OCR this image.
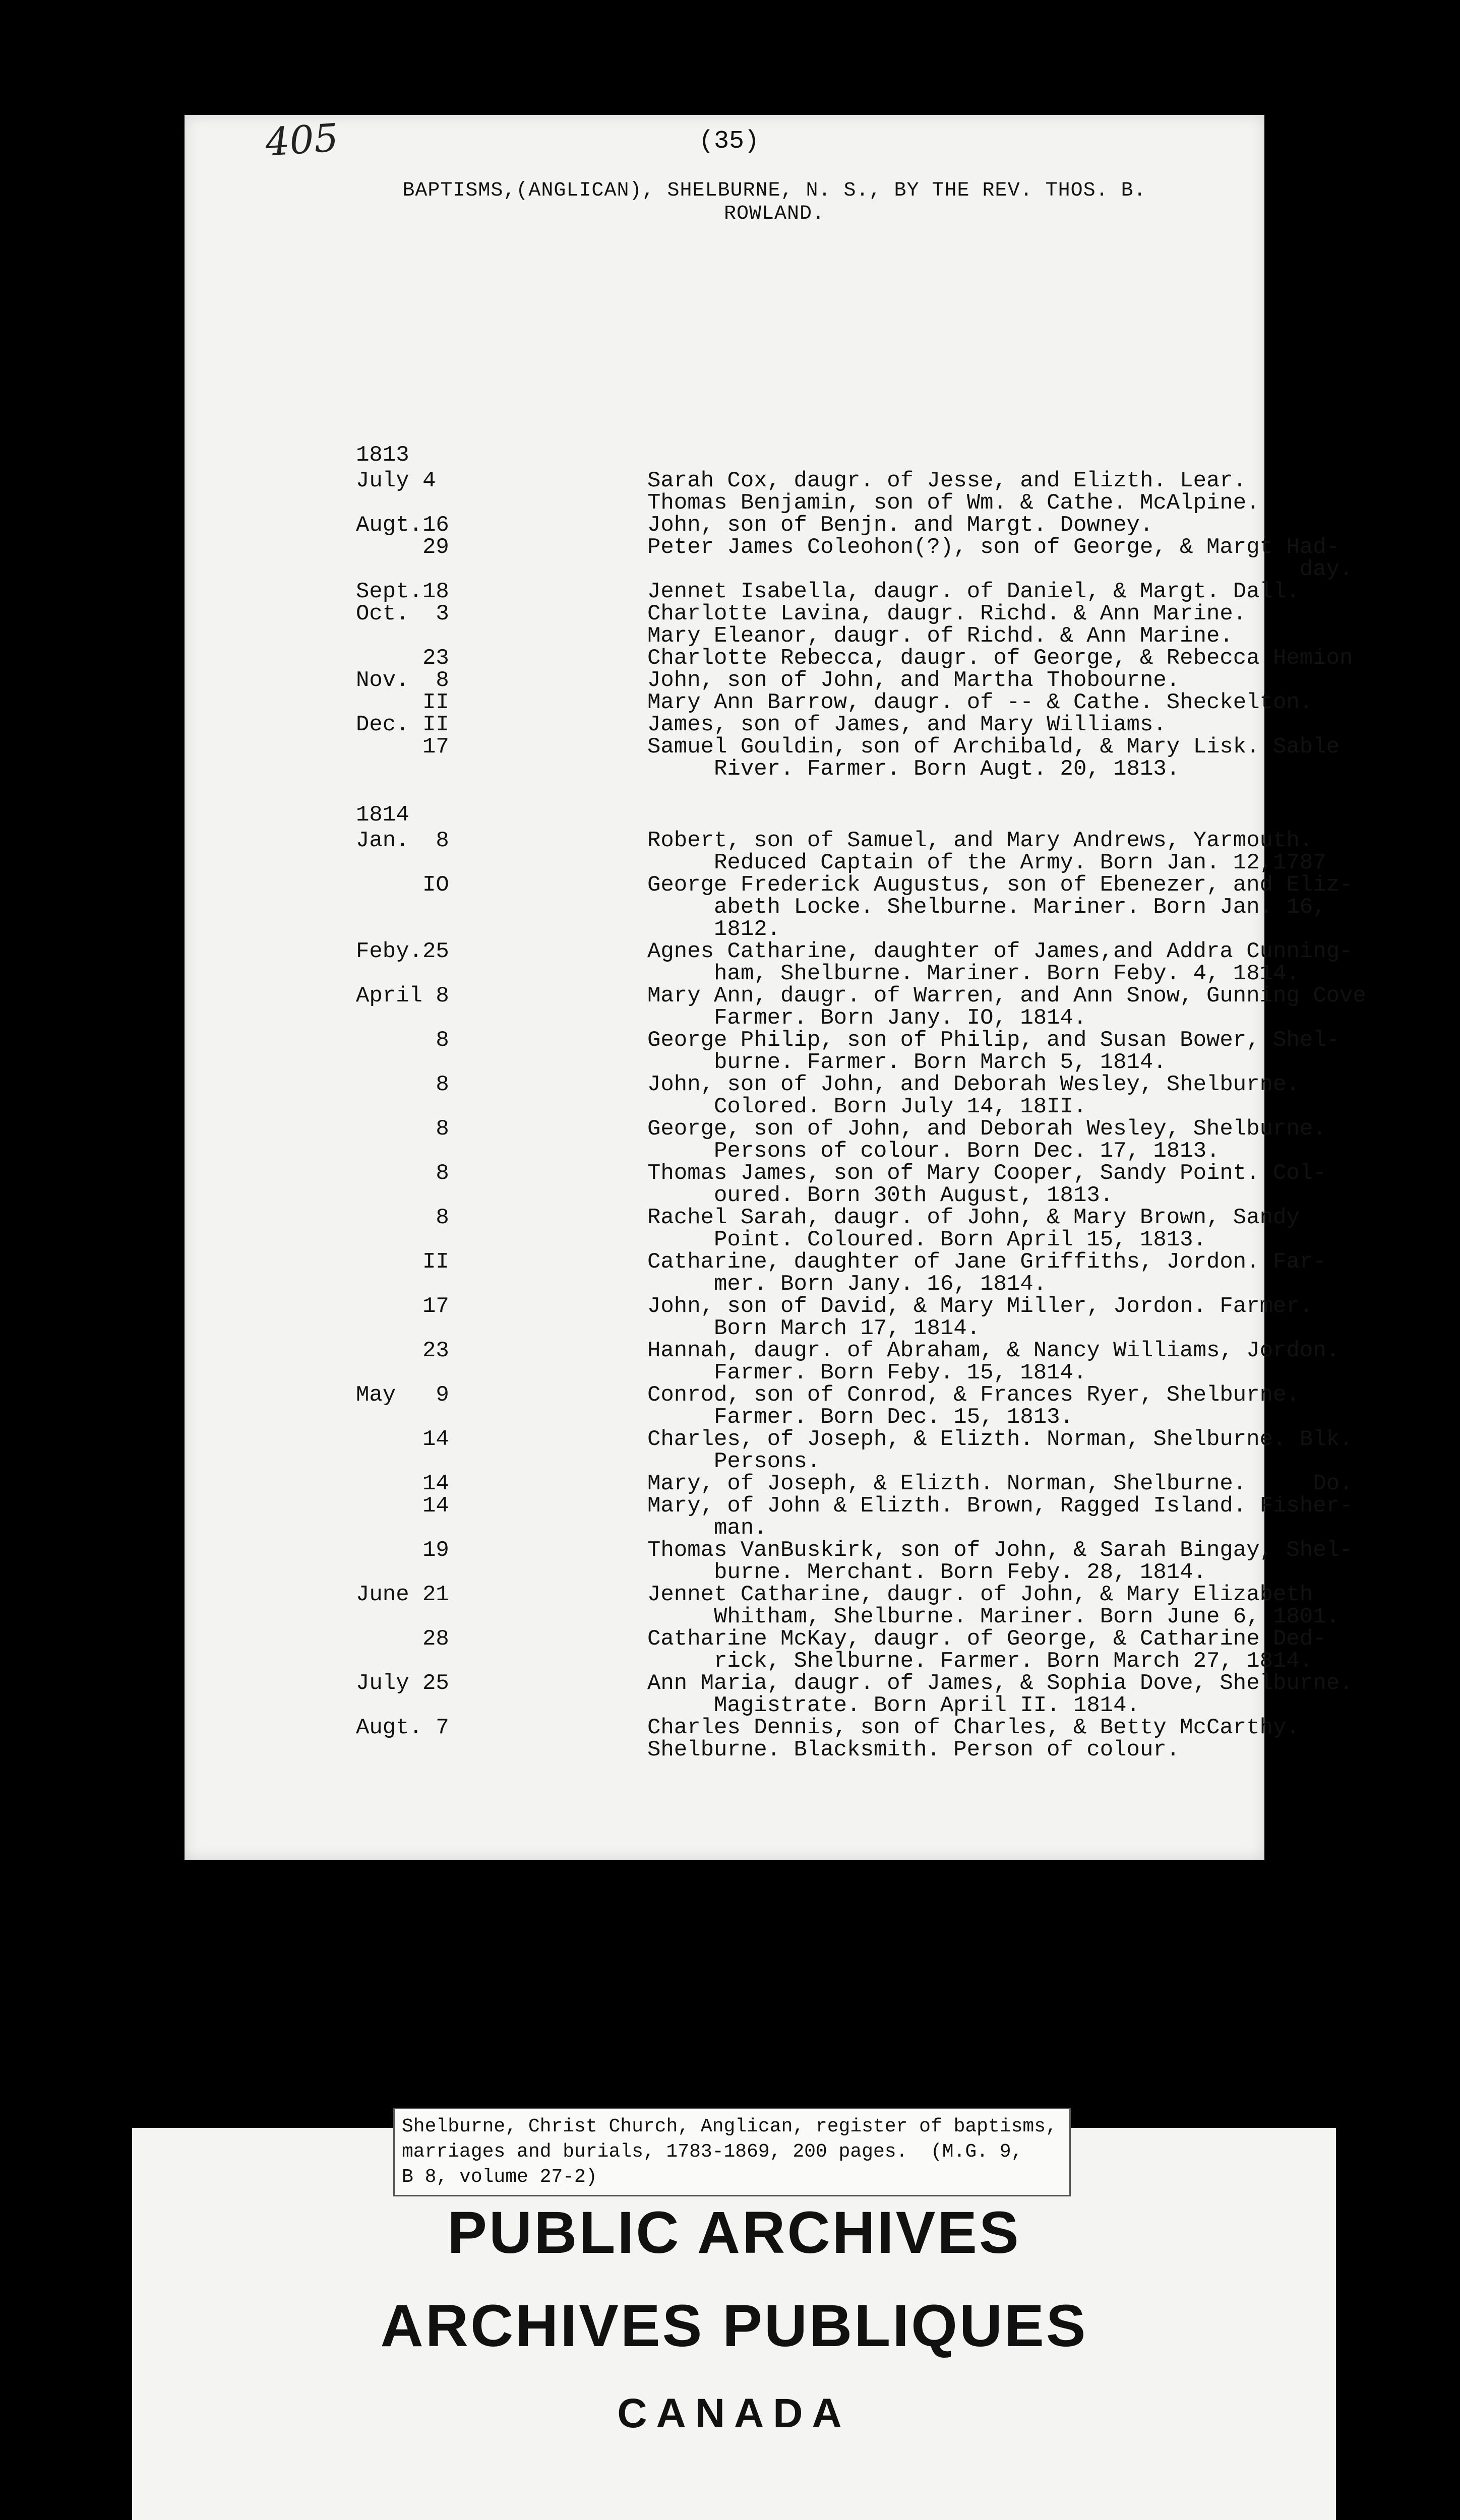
405	(35)
BAPTISMS,(ANGLICAN), SHELBURNE, N. S., BY THE REV. THOS. B.
ROWLAND.
1813
July 4	Sarah Cox, daugr. of Jesse, and Elizth. Lear.
Thomas Benjamin, son of Wm. & Cathe. McAlpine.
Augt.16	John, son of Benjn. and Margt. Downey.
29	Peter James Coleohon(?), son of George, & Margt Had-
day.
Sept.18	Jennet Isabella, daugr. of Daniel, & Margt. Dall.
Oct.  3	Charlotte Lavina, daugr. Richd. & Ann Marine.
Mary Eleanor, daugr. of Richd. & Ann Marine.
23	Charlotte Rebecca, daugr. of George, & Rebecca Hemion
Nov.  8	John, son of John, and Martha Thobourne.
II	Mary Ann Barrow, daugr. of -- & Cathe. Sheckelton.
Dec. II	James, son of James, and Mary Williams.
17	Samuel Gouldin, son of Archibald, & Mary Lisk. Sable
River. Farmer. Born Augt. 20, 1813.
1814
Jan.  8	Robert, son of Samuel, and Mary Andrews, Yarmouth.
Reduced Captain of the Army. Born Jan. 12,1787
IO	George Frederick Augustus, son of Ebenezer, and Eliz-
abeth Locke. Shelburne. Mariner. Born Jan. 16,
1812.
Feby.25	Agnes Catharine, daughter of James,and Addra Cunning-
ham, Shelburne. Mariner. Born Feby. 4, 1814.
April 8	Mary Ann, daugr. of Warren, and Ann Snow, Gunning Cove
Farmer. Born Jany. IO, 1814.
8	George Philip, son of Philip, and Susan Bower, Shel-
burne. Farmer. Born March 5, 1814.
8	John, son of John, and Deborah Wesley, Shelburne.
Colored. Born July 14, 18II.
8	George, son of John, and Deborah Wesley, Shelburne.
Persons of colour. Born Dec. 17, 1813.
8	Thomas James, son of Mary Cooper, Sandy Point. Col-
oured. Born 30th August, 1813.
8	Rachel Sarah, daugr. of John, & Mary Brown, Sandy
Point. Coloured. Born April 15, 1813.
II	Catharine, daughter of Jane Griffiths, Jordon. Far-
mer. Born Jany. 16, 1814.
17	John, son of David, & Mary Miller, Jordon. Farmer.
Born March 17, 1814.
23	Hannah, daugr. of Abraham, & Nancy Williams, Jordon.
Farmer. Born Feby. 15, 1814.
May   9	Conrod, son of Conrod, & Frances Ryer, Shelburne.
Farmer. Born Dec. 15, 1813.
14	Charles, of Joseph, & Elizth. Norman, Shelburne. Blk.
Persons.
14	Mary, of Joseph, & Elizth. Norman, Shelburne.     Do.
14	Mary, of John & Elizth. Brown, Ragged Island. Fisher-
man.
19	Thomas VanBuskirk, son of John, & Sarah Bingay, Shel-
burne. Merchant. Born Feby. 28, 1814.
June 21	Jennet Catharine, daugr. of John, & Mary Elizabeth
Whitham, Shelburne. Mariner. Born June 6, 1801.
28	Catharine McKay, daugr. of George, & Catharine Ded-
rick, Shelburne. Farmer. Born March 27, 1814.
July 25	Ann Maria, daugr. of James, & Sophia Dove, Shelburne.
Magistrate. Born April II. 1814.
Augt. 7	Charles Dennis, son of Charles, & Betty McCarthy.
Shelburne. Blacksmith. Person of colour.
Shelburne, Christ Church, Anglican, register of baptisms,
marriages and burials, 1783-1869, 200 pages.  (M.G. 9,
B 8, volume 27-2)
PUBLIC ARCHIVES
ARCHIVES PUBLIQUES
CANADA
